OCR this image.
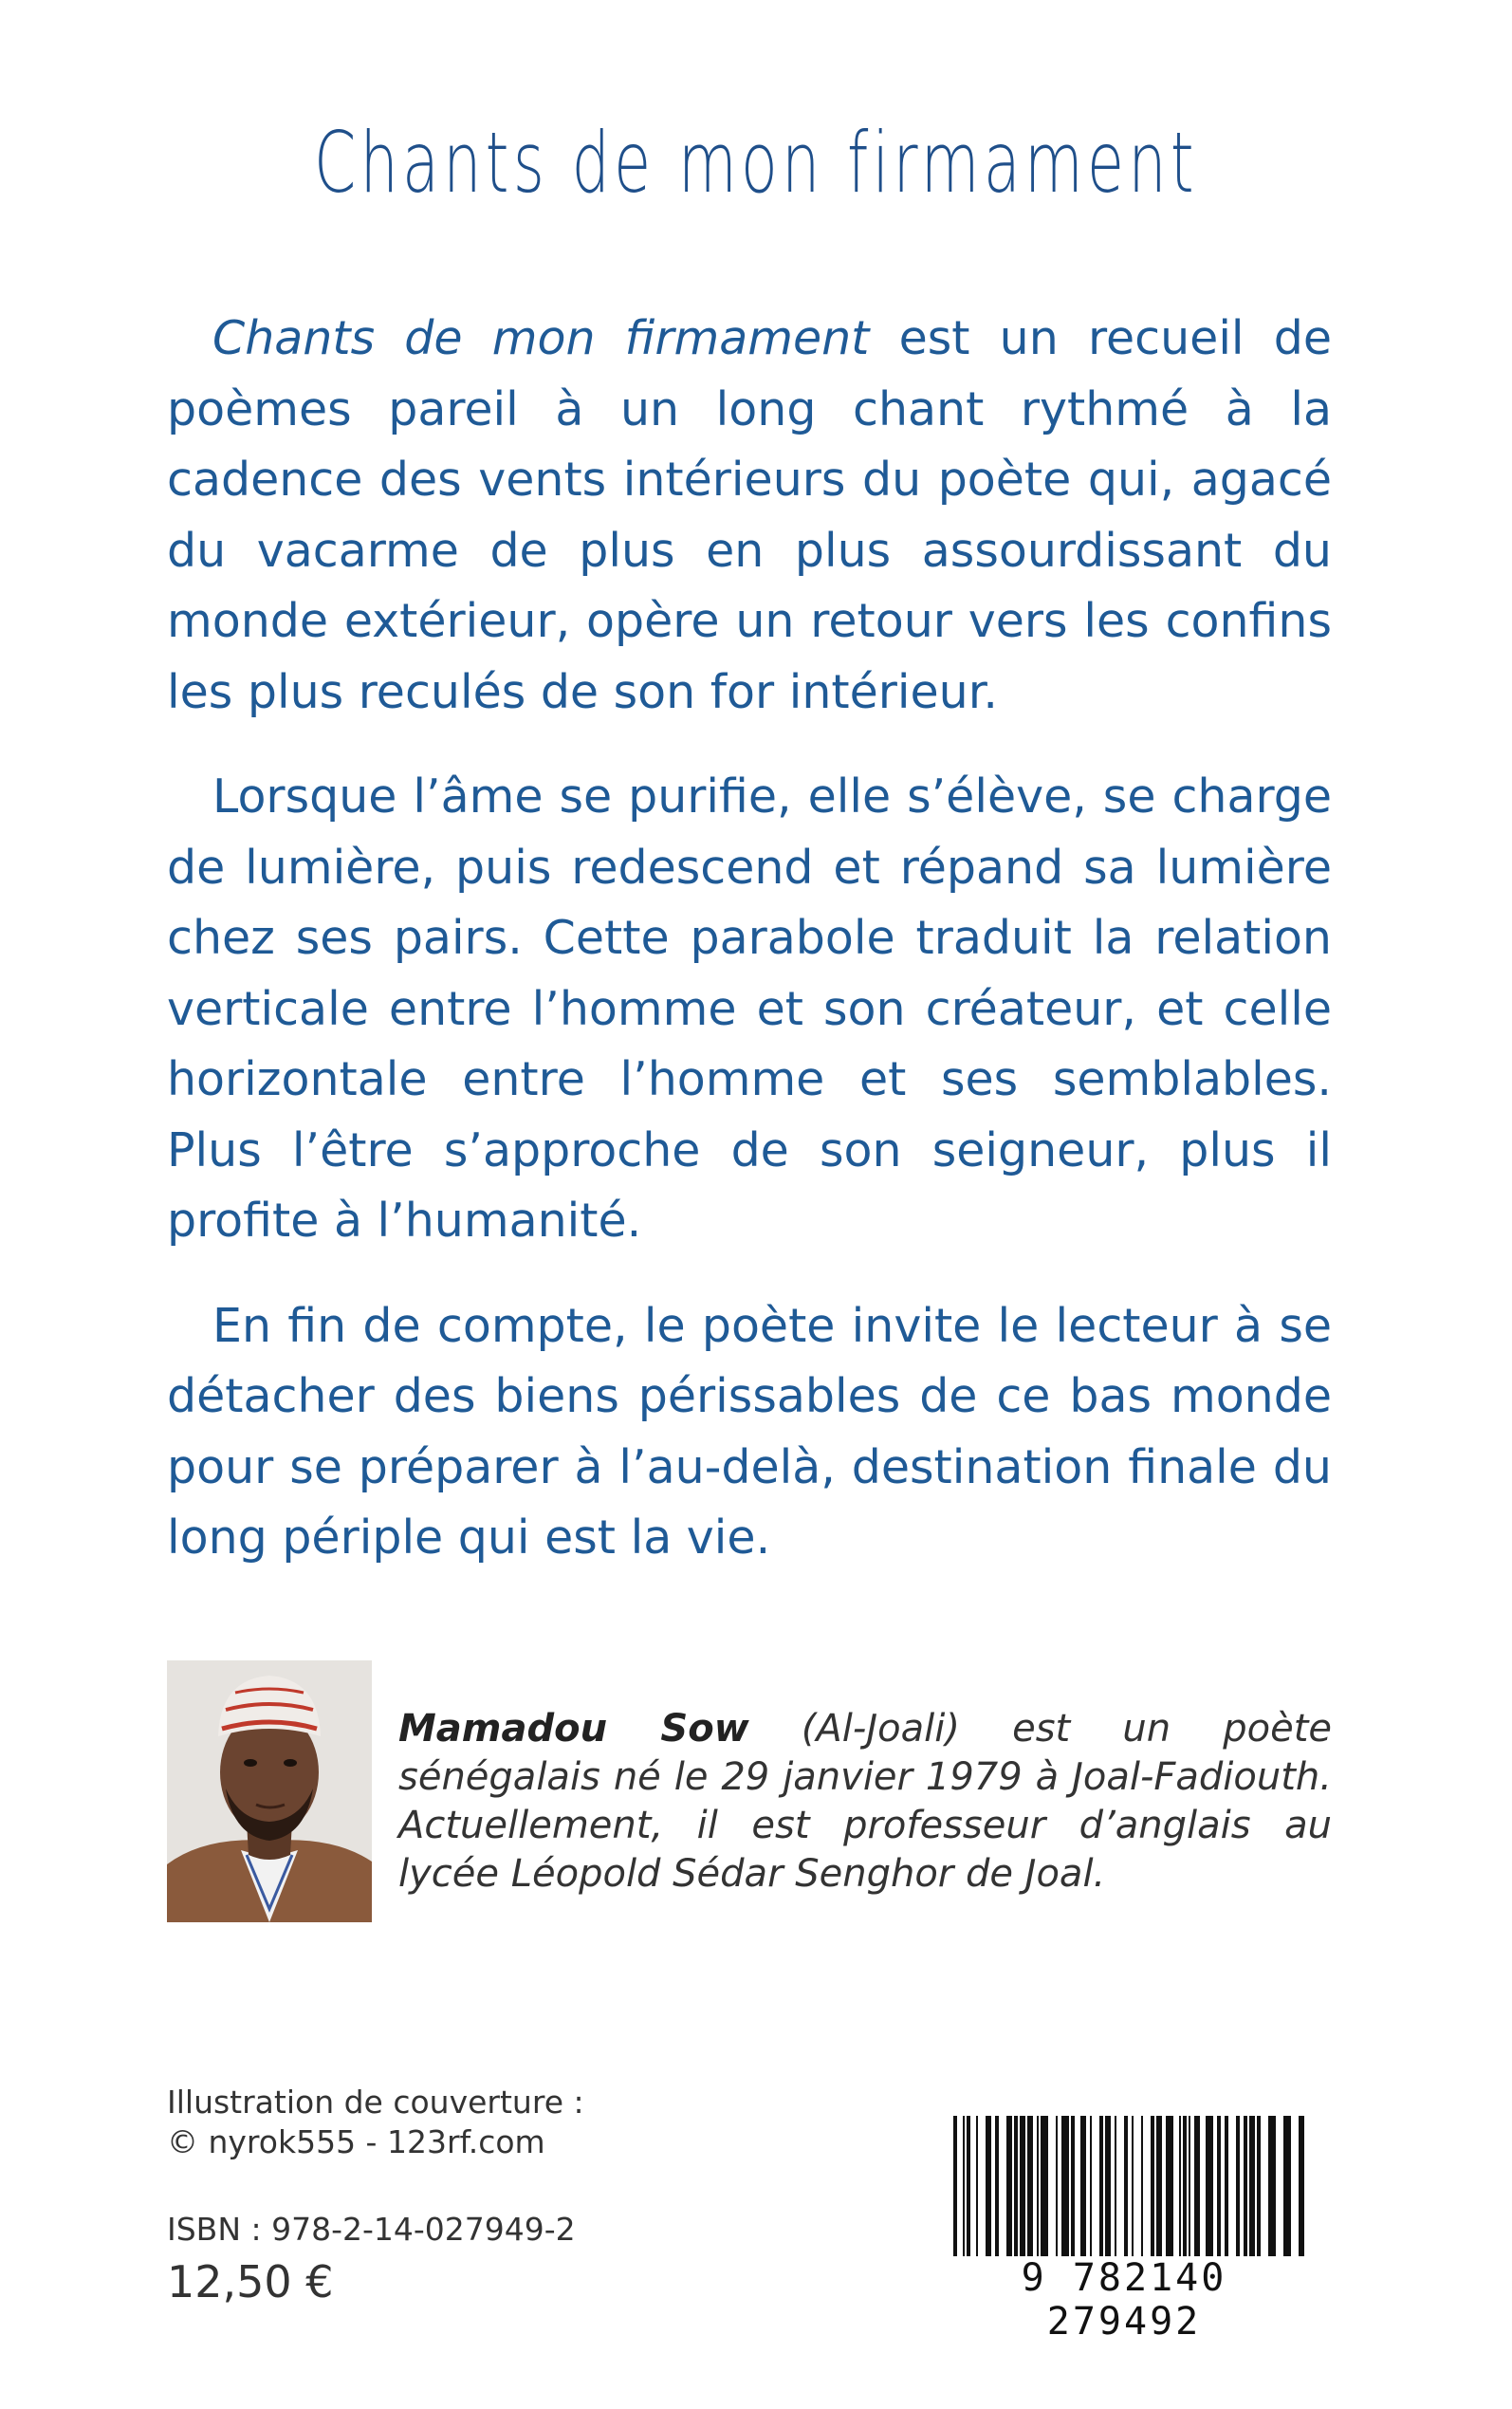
Chants de mon firmament

Chants de mon firmament est un recueil de poèmes pareil à un long chant rythmé à la cadence des vents intérieurs du poète qui, agacé du vacarme de plus en plus assourdissant du monde extérieur, opère un retour vers les confins les plus reculés de son for intérieur.

Lorsque l’âme se purifie, elle s’élève, se charge de lumière, puis redescend et répand sa lumière chez ses pairs. Cette parabole traduit la relation verticale entre l’homme et son créateur, et celle horizontale entre l’homme et ses semblables. Plus l’être s’approche de son seigneur, plus il profite à l’humanité.

En fin de compte, le poète invite le lecteur à se détacher des biens périssables de ce bas monde pour se préparer à l’au-delà, destination finale du long périple qui est la vie.

Mamadou Sow (Al-Joali) est un poète sénégalais né le 29 janvier 1979 à Joal-Fadiouth. Actuellement, il est professeur d’anglais au lycée Léopold Sédar Senghor de Joal.

Illustration de couverture :
© nyrok555 - 123rf.com
ISBN : 978-2-14-027949-2
12,50 €	9 782140 279492
